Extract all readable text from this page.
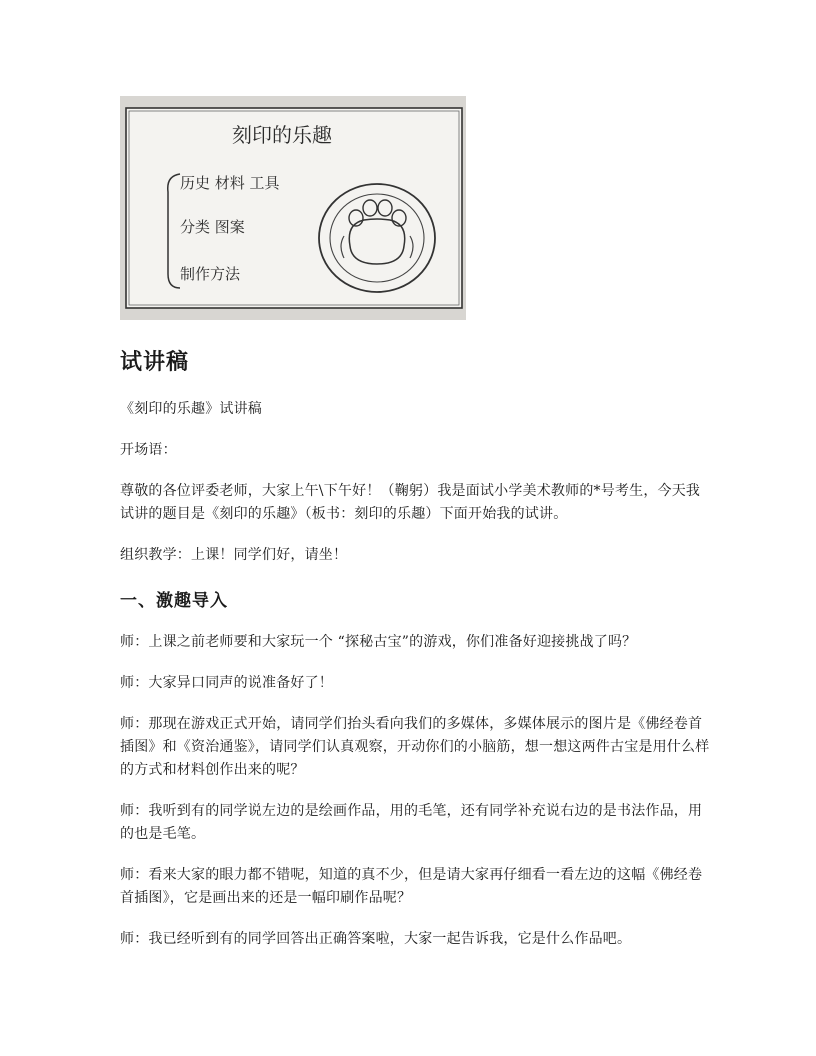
刻印的乐趣
历史 材料 工具
分类 图案
制作方法
试讲稿

《刻印的乐趣》试讲稿

开场语：

尊敬的各位评委老师，大家上午\下午好！（鞠躬）我是面试小学美术教师的*号考生，今天我试讲的题目是《刻印的乐趣》（板书：刻印的乐趣）下面开始我的试讲。

组织教学：上课！同学们好，请坐！

一、激趣导入

师：上课之前老师要和大家玩一个 “探秘古宝”的游戏，你们准备好迎接挑战了吗？

师：大家异口同声的说准备好了！

师：那现在游戏正式开始，请同学们抬头看向我们的多媒体，多媒体展示的图片是《佛经卷首插图》和《资治通鉴》，请同学们认真观察，开动你们的小脑筋，想一想这两件古宝是用什么样的方式和材料创作出来的呢？

师：我听到有的同学说左边的是绘画作品，用的毛笔，还有同学补充说右边的是书法作品，用的也是毛笔。

师：看来大家的眼力都不错呢，知道的真不少，但是请大家再仔细看一看左边的这幅《佛经卷首插图》，它是画出来的还是一幅印刷作品呢？

师：我已经听到有的同学回答出正确答案啦，大家一起告诉我，它是什么作品吧。
